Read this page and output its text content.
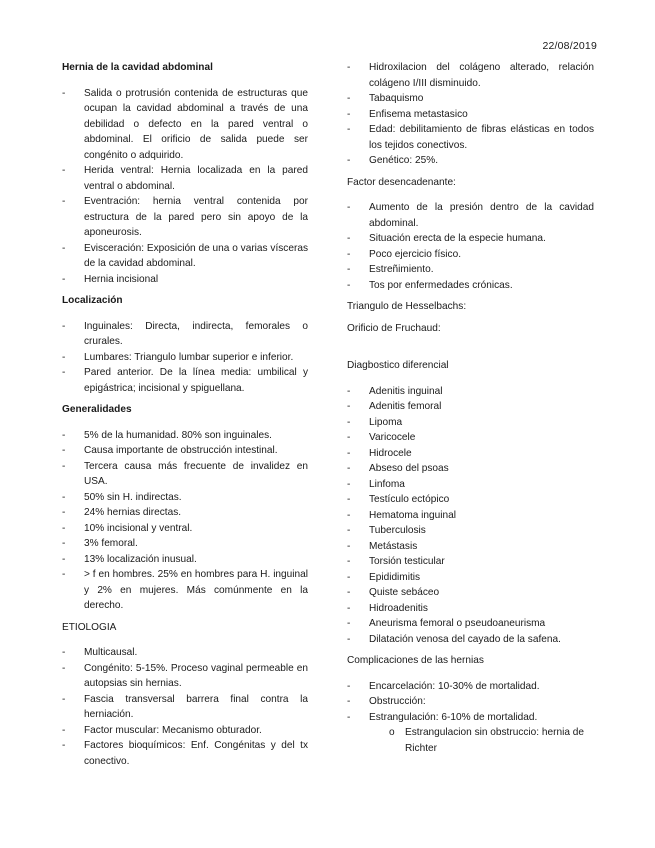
22/08/2019

Hernia de la cavidad abdominal

- Salida o protrusión contenida de estructuras que ocupan la cavidad abdominal a través de una debilidad o defecto en la pared ventral o abdominal. El orificio de salida puede ser congénito o adquirido.
- Herida ventral: Hernia localizada en la pared ventral o abdominal.
- Eventración: hernia ventral contenida por estructura de la pared pero sin apoyo de la aponeurosis.
- Evisceración: Exposición de una o varias vísceras de la cavidad abdominal.
- Hernia incisional

Localización

- Inguinales: Directa, indirecta, femorales o crurales.
- Lumbares: Triangulo lumbar superior e inferior.
- Pared anterior. De la línea media: umbilical y epigástrica; incisional y spiguellana.

Generalidades

- 5% de la humanidad. 80% son inguinales.
- Causa importante de obstrucción intestinal.
- Tercera causa más frecuente de invalidez en USA.
- 50% sin H. indirectas.
- 24% hernias directas.
- 10% incisional y ventral.
- 3% femoral.
- 13% localización inusual.
- > f en hombres. 25% en hombres para H. inguinal y 2% en mujeres. Más comúnmente en la derecho.

ETIOLOGIA

- Multicausal.
- Congénito: 5-15%. Proceso vaginal permeable en autopsias sin hernias.
- Fascia transversal barrera final contra la herniación.
- Factor muscular: Mecanismo obturador.
- Factores bioquímicos: Enf. Congénitas y del tx conectivo.
- Hidroxilacion del colágeno alterado, relación colágeno I/III disminuido.
- Tabaquismo
- Enfisema metastasico
- Edad: debilitamiento de fibras elásticas en todos los tejidos conectivos.
- Genético: 25%.

Factor desencadenante:

- Aumento de la presión dentro de la cavidad abdominal.
- Situación erecta de la especie humana.
- Poco ejercicio físico.
- Estreñimiento.
- Tos por enfermedades crónicas.

Triangulo de Hesselbachs:

Orificio de Fruchaud:

Diagbostico diferencial

- Adenitis inguinal
- Adenitis femoral
- Lipoma
- Varicocele
- Hidrocele
- Abseso del psoas
- Linfoma
- Testículo ectópico
- Hematoma inguinal
- Tuberculosis
- Metástasis
- Torsión testicular
- Epididimitis
- Quiste sebáceo
- Hidroadenitis
- Aneurisma femoral o pseudoaneurisma
- Dilatación venosa del cayado de la safena.

Complicaciones de las hernias

- Encarcelación: 10-30% de mortalidad.
- Obstrucción:
- Estrangulación: 6-10% de mortalidad.
o Estrangulacion sin obstruccio: hernia de Richter
